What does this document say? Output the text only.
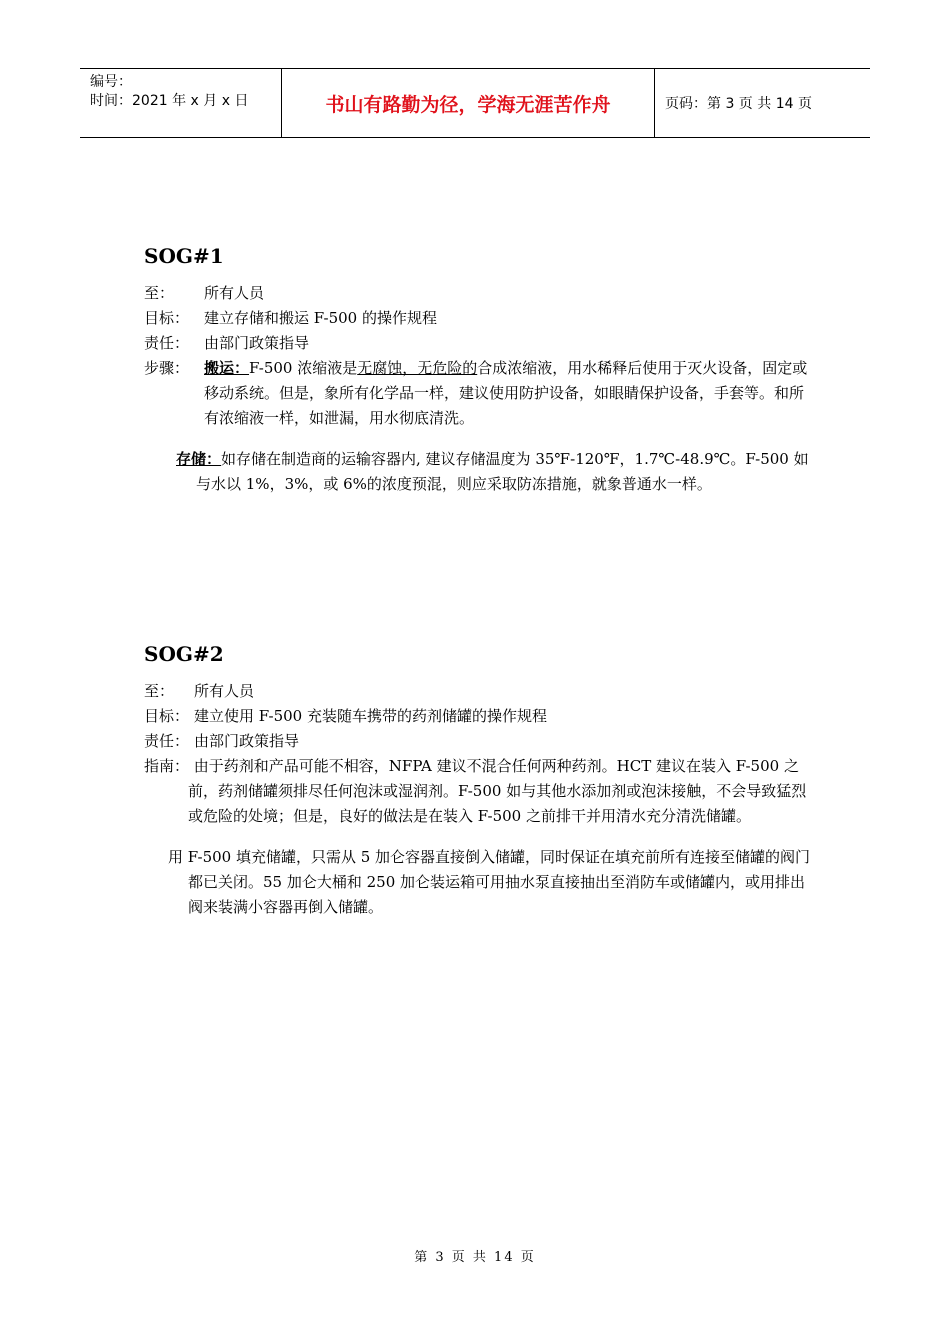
编号：
时间：2021 年 x 月 x 日	书山有路勤为径，学海无涯苦作舟	页码：第 3 页 共 14 页
SOG#1
至：	所有人员
目标： 建立存储和搬运 F-500 的操作规程
责任： 由部门政策指导
步骤： 搬运：F-500 浓缩液是无腐蚀，无危险的合成浓缩液，用水稀释后使用于灭火设备，固定或移动系统。但是，象所有化学品一样，建议使用防护设备，如眼睛保护设备，手套等。和所有浓缩液一样，如泄漏，用水彻底清洗。
存储：如存储在制造商的运输容器内, 建议存储温度为 35℉-120℉，1.7℃-48.9℃。F-500 如与水以 1%，3%，或 6%的浓度预混，则应采取防冻措施，就象普通水一样。
SOG#2
至：	所有人员
目标： 建立使用 F-500 充装随车携带的药剂储罐的操作规程
责任： 由部门政策指导
指南： 由于药剂和产品可能不相容，NFPA 建议不混合任何两种药剂。HCT 建议在装入 F-500 之前，药剂储罐须排尽任何泡沫或湿润剂。F-500 如与其他水添加剂或泡沫接触，不会导致猛烈或危险的处境；但是，良好的做法是在装入 F-500 之前排干并用清水充分清洗储罐。
用 F-500 填充储罐，只需从 5 加仑容器直接倒入储罐，同时保证在填充前所有连接至储罐的阀门都已关闭。55 加仑大桶和 250 加仑装运箱可用抽水泵直接抽出至消防车或储罐内，或用排出阀来装满小容器再倒入储罐。
第 3 页 共 14 页
